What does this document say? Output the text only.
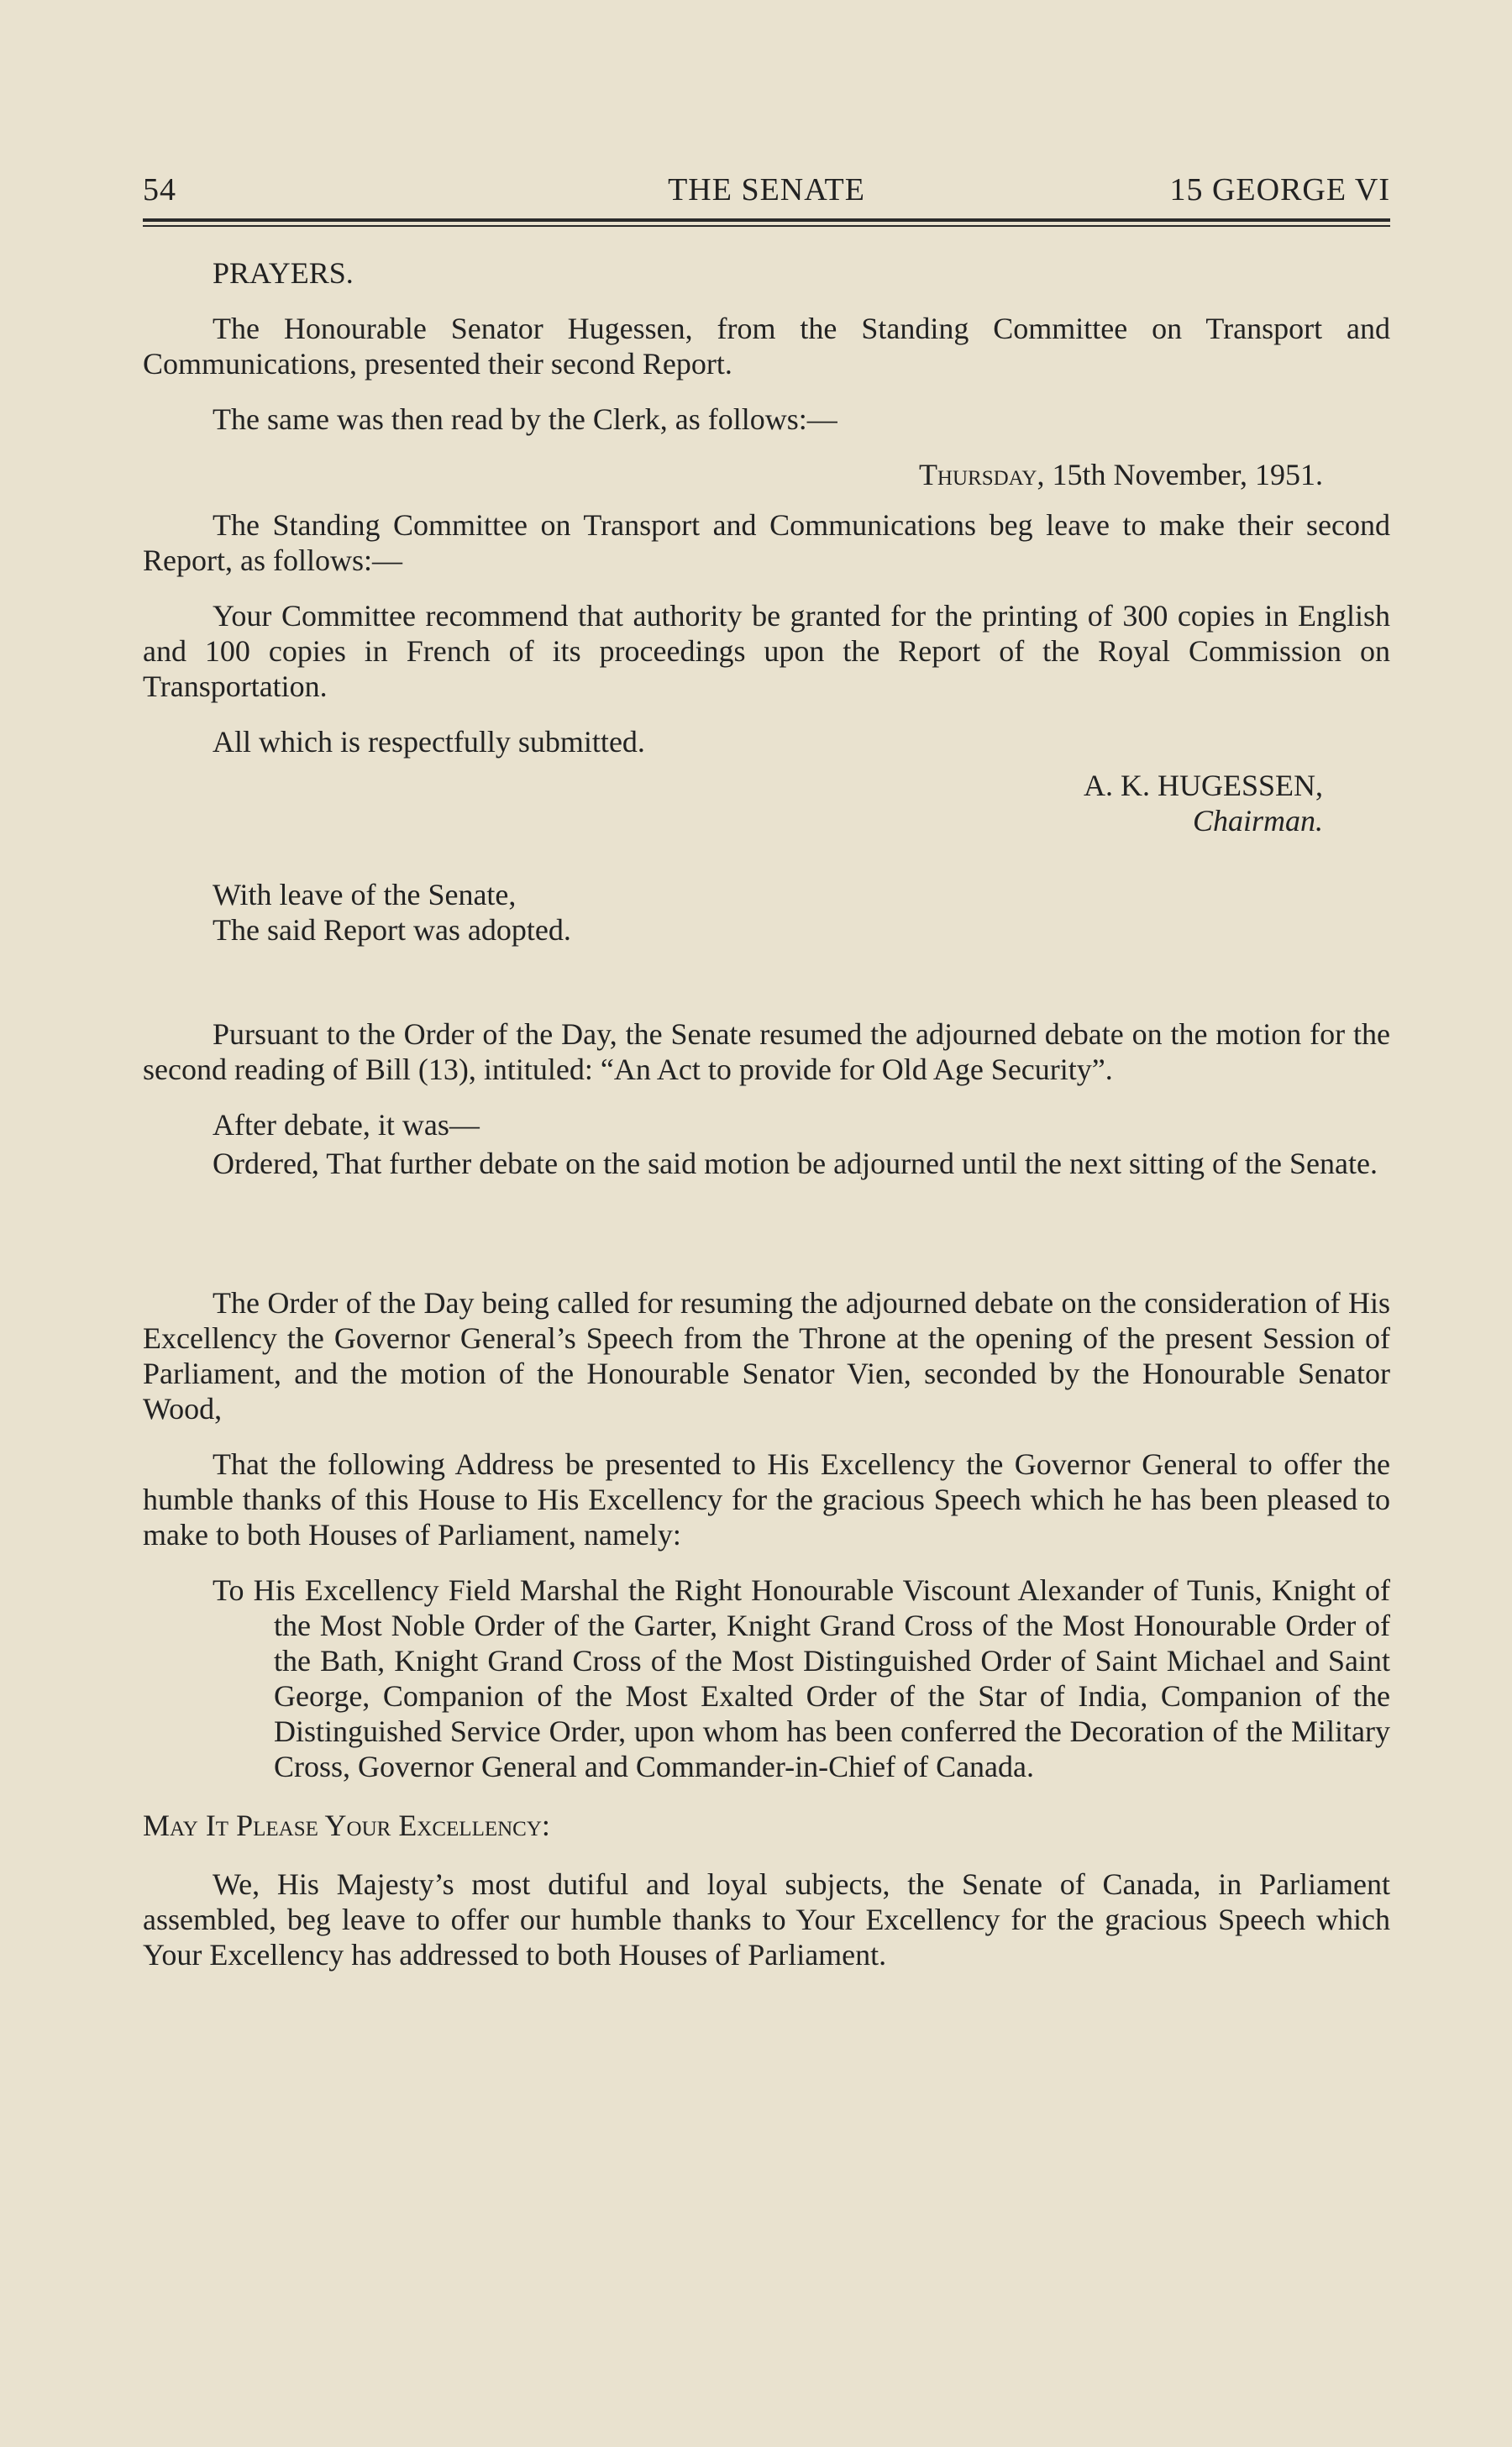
54	THE SENATE	15 GEORGE VI

PRAYERS.

The Honourable Senator Hugessen, from the Standing Committee on Transport and Communications, presented their second Report.

The same was then read by the Clerk, as follows:—

Thursday, 15th November, 1951.

The Standing Committee on Transport and Communications beg leave to make their second Report, as follows:—

Your Committee recommend that authority be granted for the printing of 300 copies in English and 100 copies in French of its proceedings upon the Report of the Royal Commission on Transportation.

All which is respectfully submitted.

A. K. HUGESSEN,
Chairman.

With leave of the Senate,

The said Report was adopted.

Pursuant to the Order of the Day, the Senate resumed the adjourned debate on the motion for the second reading of Bill (13), intituled: “An Act to provide for Old Age Security”.

After debate, it was—

Ordered, That further debate on the said motion be adjourned until the next sitting of the Senate.

The Order of the Day being called for resuming the adjourned debate on the consideration of His Excellency the Governor General’s Speech from the Throne at the opening of the present Session of Parliament, and the motion of the Honourable Senator Vien, seconded by the Honourable Senator Wood,

That the following Address be presented to His Excellency the Governor General to offer the humble thanks of this House to His Excellency for the gracious Speech which he has been pleased to make to both Houses of Parliament, namely:

To His Excellency Field Marshal the Right Honourable Viscount Alexander of Tunis, Knight of the Most Noble Order of the Garter, Knight Grand Cross of the Most Honourable Order of the Bath, Knight Grand Cross of the Most Distinguished Order of Saint Michael and Saint George, Companion of the Most Exalted Order of the Star of India, Companion of the Distinguished Service Order, upon whom has been conferred the Decoration of the Military Cross, Governor General and Commander-in-Chief of Canada.

May It Please Your Excellency:

We, His Majesty’s most dutiful and loyal subjects, the Senate of Canada, in Parliament assembled, beg leave to offer our humble thanks to Your Excellency for the gracious Speech which Your Excellency has addressed to both Houses of Parliament.
